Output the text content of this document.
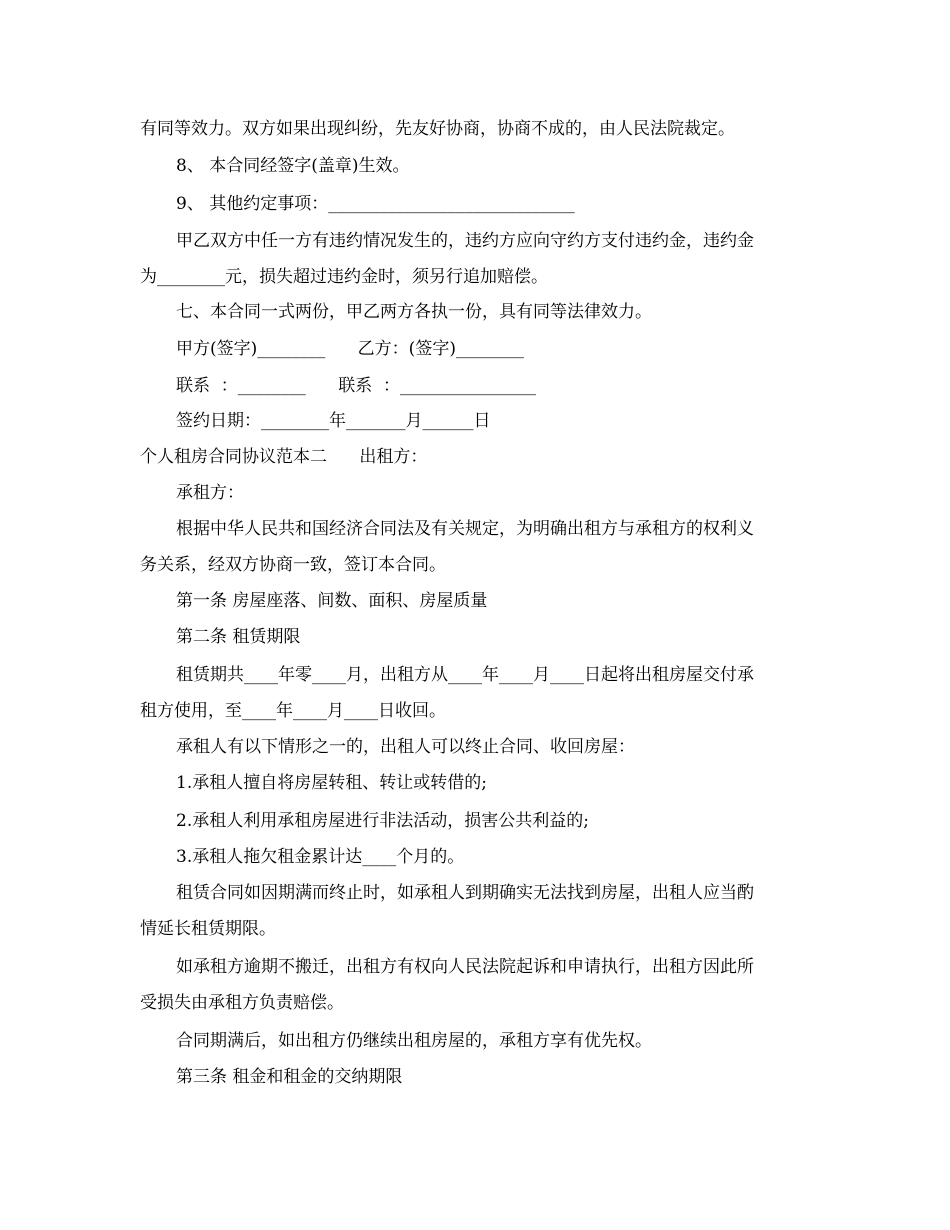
有同等效力。双方如果出现纠纷，先友好协商，协商不成的，由人民法院裁定。
8、 本合同经签字(盖章)生效。
9、 其他约定事项：_____________________________
甲乙双方中任一方有违约情况发生的，违约方应向守约方支付违约金，违约金
为________元，损失超过违约金时，须另行追加赔偿。
七、本合同一式两份，甲乙两方各执一份，具有同等法律效力。
甲方(签字)________      乙方：(签字)________
联系  ：________      联系  ：________________
签约日期：________年_______月______日
个人租房合同协议范本二      出租方：
承租方：
根据中华人民共和国经济合同法及有关规定，为明确出租方与承租方的权利义
务关系，经双方协商一致，签订本合同。
第一条 房屋座落、间数、面积、房屋质量
第二条 租赁期限
租赁期共____年零____月，出租方从____年____月____日起将出租房屋交付承
租方使用，至____年____月____日收回。
承租人有以下情形之一的，出租人可以终止合同、收回房屋：
1.承租人擅自将房屋转租、转让或转借的;
2.承租人利用承租房屋进行非法活动，损害公共利益的;
3.承租人拖欠租金累计达____个月的。
租赁合同如因期满而终止时，如承租人到期确实无法找到房屋，出租人应当酌
情延长租赁期限。
如承租方逾期不搬迁，出租方有权向人民法院起诉和申请执行，出租方因此所
受损失由承租方负责赔偿。
合同期满后，如出租方仍继续出租房屋的，承租方享有优先权。
第三条 租金和租金的交纳期限
